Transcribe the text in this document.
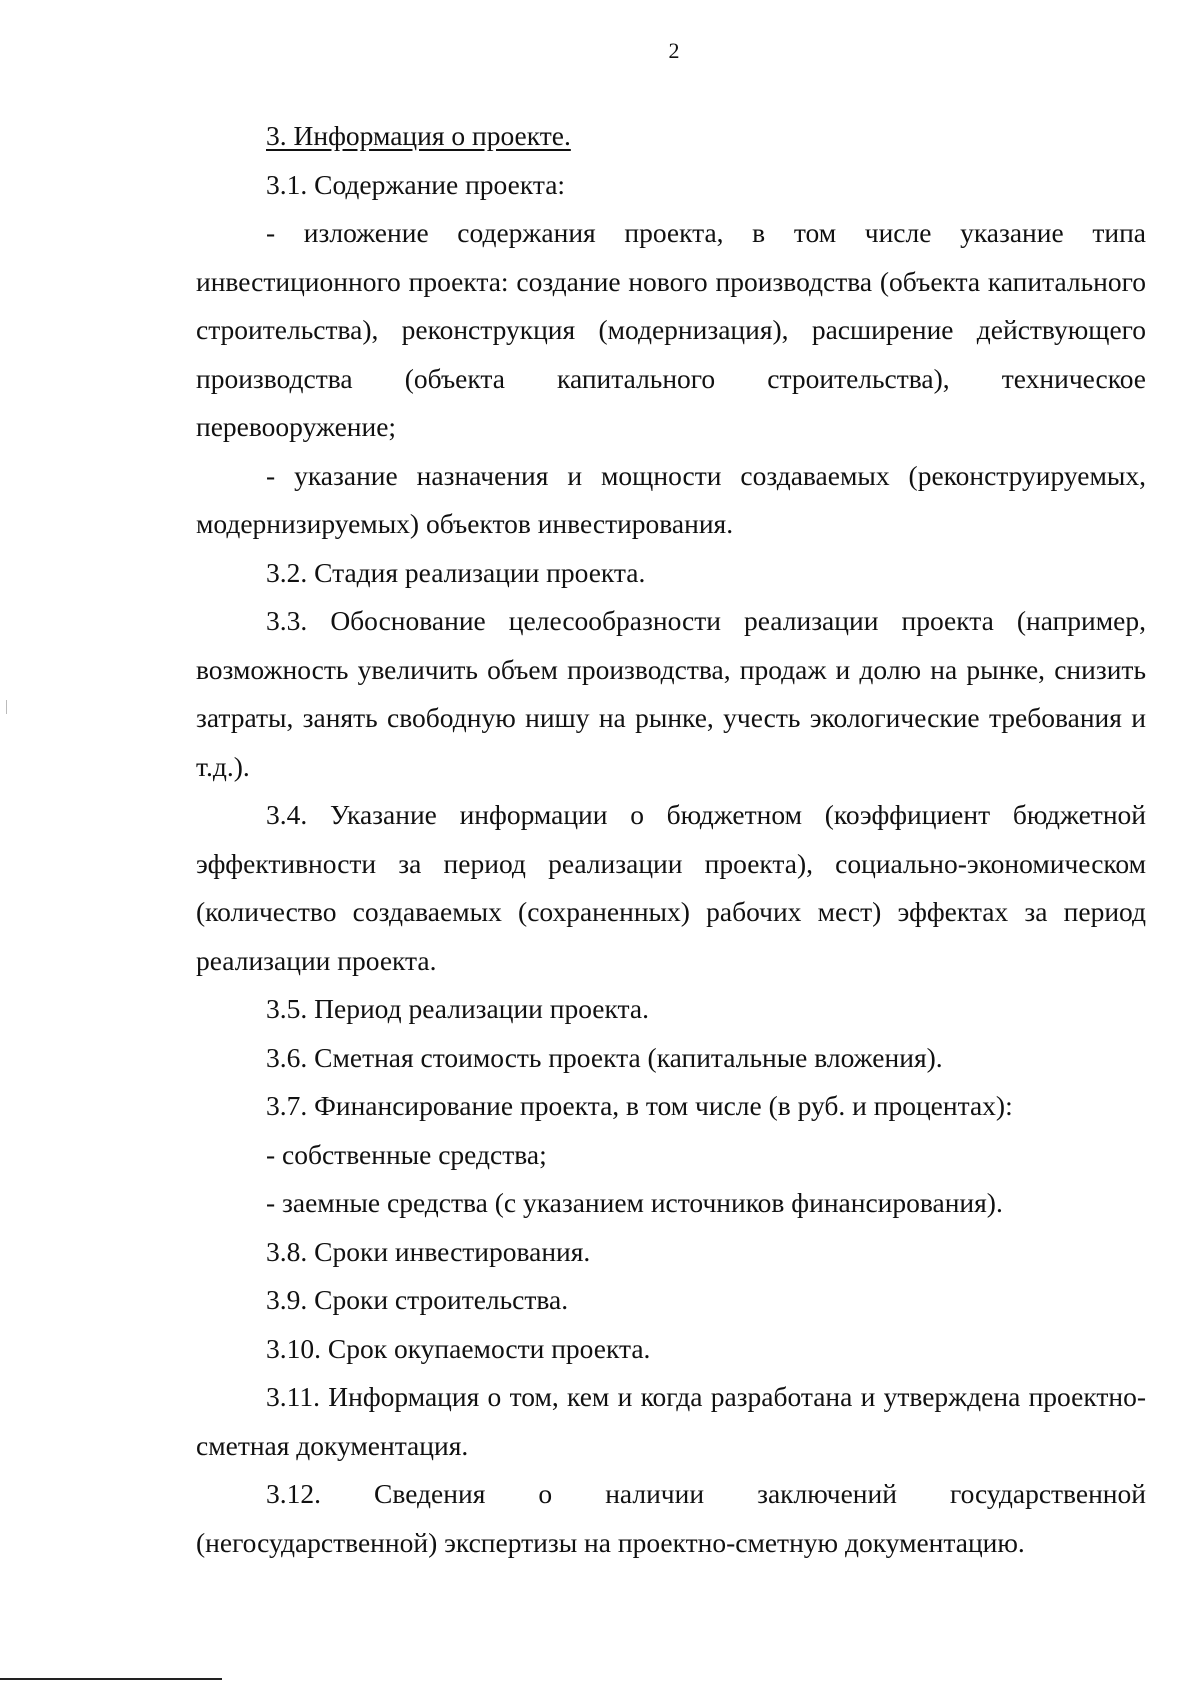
2

3. Информация о проекте.

3.1. Содержание проекта:

- изложение содержания проекта, в том числе указание типа инвестиционного проекта: создание нового производства (объекта капитального строительства), реконструкция (модернизация), расширение действующего производства (объекта капитального строительства), техническое перевооружение;

- указание назначения и мощности создаваемых (реконструируемых, модернизируемых) объектов инвестирования.

3.2. Стадия реализации проекта.

3.3. Обоснование целесообразности реализации проекта (например, возможность увеличить объем производства, продаж и долю на рынке, снизить затраты, занять свободную нишу на рынке, учесть экологические требования и т.д.).

3.4. Указание информации о бюджетном (коэффициент бюджетной эффективности за период реализации проекта), социально-экономическом (количество создаваемых (сохраненных) рабочих мест) эффектах за период реализации проекта.

3.5. Период реализации проекта.

3.6. Сметная стоимость проекта (капитальные вложения).

3.7. Финансирование проекта, в том числе (в руб. и процентах):

- собственные средства;

- заемные средства (с указанием источников финансирования).

3.8. Сроки инвестирования.

3.9. Сроки строительства.

3.10. Срок окупаемости проекта.

3.11. Информация о том, кем и когда разработана и утверждена проектно-сметная документация.

3.12. Сведения о наличии заключений государственной (негосударственной) экспертизы на проектно-сметную документацию.
